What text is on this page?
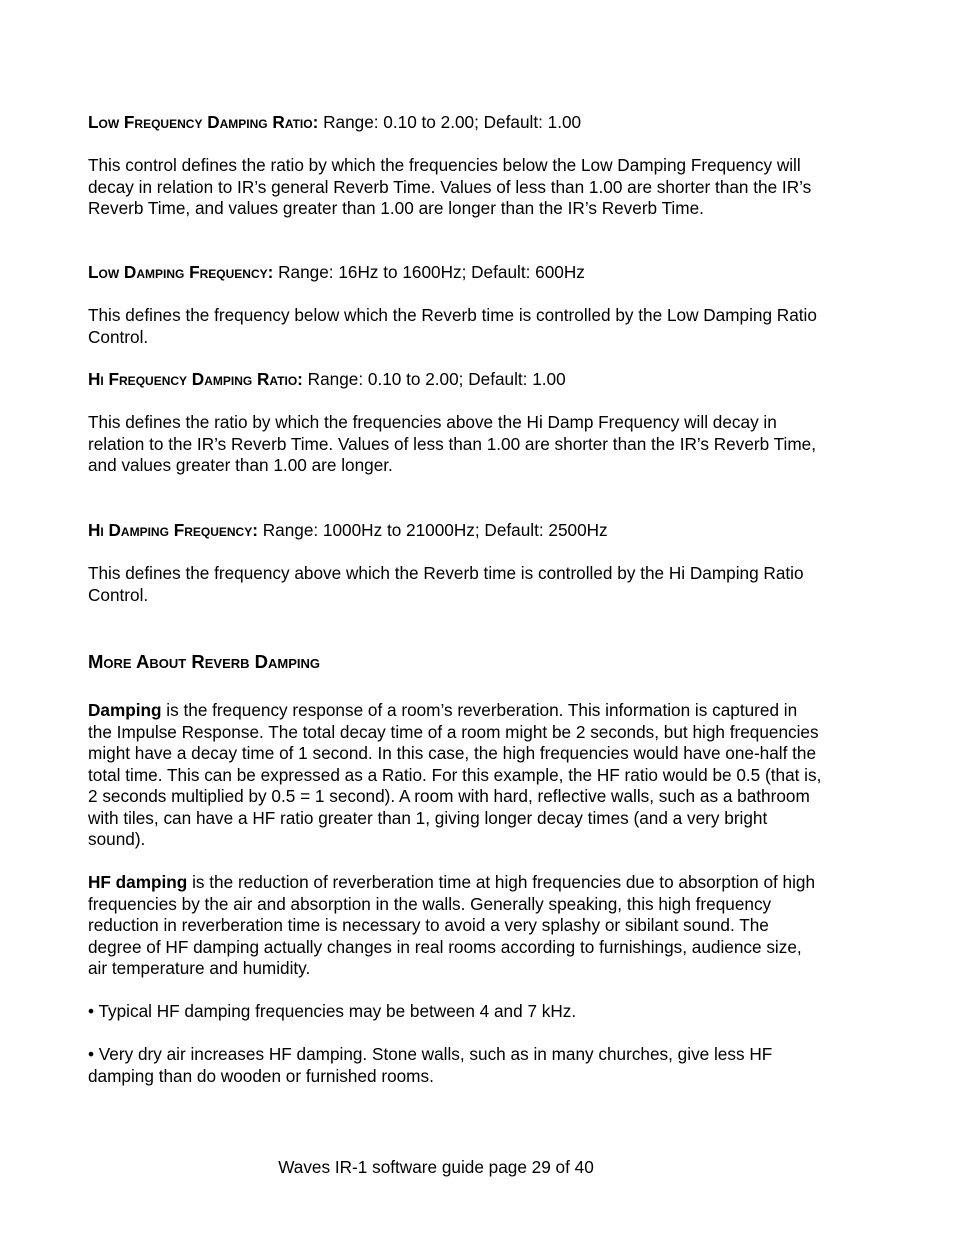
Low Frequency Damping Ratio: Range: 0.10 to 2.00; Default: 1.00

This control defines the ratio by which the frequencies below the Low Damping Frequency will decay in relation to IR’s general Reverb Time. Values of less than 1.00 are shorter than the IR’s Reverb Time, and values greater than 1.00 are longer than the IR’s Reverb Time.

Low Damping Frequency: Range: 16Hz to 1600Hz; Default: 600Hz

This defines the frequency below which the Reverb time is controlled by the Low Damping Ratio Control.

Hi Frequency Damping Ratio: Range: 0.10 to 2.00; Default: 1.00

This defines the ratio by which the frequencies above the Hi Damp Frequency will decay in relation to the IR’s Reverb Time. Values of less than 1.00 are shorter than the IR’s Reverb Time, and values greater than 1.00 are longer.

Hi Damping Frequency: Range: 1000Hz to 21000Hz; Default: 2500Hz

This defines the frequency above which the Reverb time is controlled by the Hi Damping Ratio Control.

More About Reverb Damping

Damping is the frequency response of a room’s reverberation. This information is captured in the Impulse Response. The total decay time of a room might be 2 seconds, but high frequencies might have a decay time of 1 second. In this case, the high frequencies would have one-half the total time. This can be expressed as a Ratio. For this example, the HF ratio would be 0.5 (that is, 2 seconds multiplied by 0.5 = 1 second). A room with hard, reflective walls, such as a bathroom with tiles, can have a HF ratio greater than 1, giving longer decay times (and a very bright sound).

HF damping is the reduction of reverberation time at high frequencies due to absorption of high frequencies by the air and absorption in the walls. Generally speaking, this high frequency reduction in reverberation time is necessary to avoid a very splashy or sibilant sound. The degree of HF damping actually changes in real rooms according to furnishings, audience size, air temperature and humidity.

• Typical HF damping frequencies may be between 4 and 7 kHz.

• Very dry air increases HF damping. Stone walls, such as in many churches, give less HF damping than do wooden or furnished rooms.

Waves IR-1 software guide page 29 of 40
